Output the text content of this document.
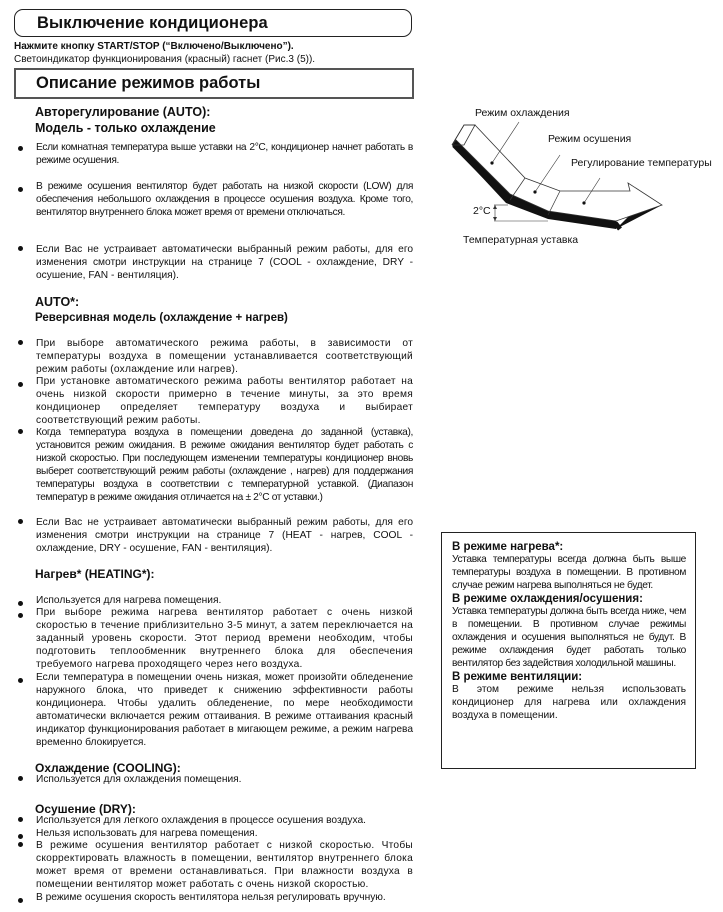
Выключение кондиционера
Нажмите кнопку START/STOP (“Включено/Выключено”).
Светоиндикатор функционирования (красный) гаснет (Рис.3 (5)).
Описание режимов работы
Авторегулирование (AUTO):
Модель - только охлаждение
Если комнатная температура выше уставки на 2°C, кондиционер начнет работать в режиме осушения.
В режиме осушения вентилятор будет работать на низкой скорости (LOW) для обеспечения небольшого охлаждения в процессе осушения воздуха. Кроме того, вентилятор внутреннего блока может время от времени отключаться.
Если Вас не устраивает автоматически выбранный режим работы, для его изменения смотри инструкции на странице 7 (COOL - охлаждение, DRY - осушение, FAN - вентиляция).
AUTO*:
Реверсивная модель (охлаждение + нагрев)
При выборе автоматического режима работы, в зависимости от температуры воздуха в помещении устанавливается соответствующий режим работы (охлаждение или нагрев).
При установке автоматического режима работы вентилятор работает на очень низкой скорости примерно в течение минуты, за это время кондиционер определяет температуру воздуха и выбирает соответствующий режим работы.
Когда температура воздуха в помещении доведена до заданной (уставка), установится режим ожидания. В режиме ожидания вентилятор будет работать с низкой скоростью. При последующем изменении температуры кондиционер вновь выберет соответствующий режим работы (охлаждение , нагрев) для поддержания температуры воздуха в соответствии с температурной уставкой. (Диапазон температур в режиме ожидания отличается на ± 2°C от уставки.)
Если Вас не устраивает автоматически выбранный режим работы, для его изменения смотри инструкции на странице 7 (HEAT - нагрев, COOL - охлаждение, DRY - осушение, FAN - вентиляция).
Нагрев* (HEATING*):
Используется для нагрева помещения.
При выборе режима нагрева вентилятор работает с очень низкой скоростью в течение приблизительно 3-5 минут, а затем переключается на заданный уровень скорости. Этот период времени необходим, чтобы подготовить теплообменник внутреннего блока для обеспечения требуемого нагрева проходящего через него воздуха.
Если температура в помещении очень низкая, может произойти обледенение наружного блока, что приведет к снижению эффективности работы кондиционера. Чтобы удалить обледенение, по мере необходимости автоматически включается режим оттаивания. В режиме оттаивания красный индикатор функционирования работает в мигающем режиме, а режим нагрева временно блокируется.
Охлаждение (COOLING):
Используется для охлаждения помещения.
Осушение (DRY):
Используется для легкого охлаждения в процессе осушения воздуха.
Нельзя использовать для нагрева помещения.
В режиме осушения вентилятор работает с низкой скоростью. Чтобы скорректировать влажность в помещении, вентилятор внутреннего блока может время от времени останавливаться. При влажности воздуха в помещении вентилятор может работать с очень низкой скоростью.
В режиме осушения скорость вентилятора нельзя регулировать вручную.
Режим охлаждения
Режим осушения
Регулирование температуры
2°C
Температурная уставка
В режиме нагрева*:
Уставка температуры всегда должна быть выше температуры воздуха в помещении. В противном случае режим нагрева выполняться не будет.
В режиме охлаждения/осушения:
Уставка температуры должна быть всегда ниже, чем в помещении. В противном случае режимы охлаждения и осушения выполняться не будут. В режиме охлаждения будет работать только вентилятор без задействия холодильной машины.
В режиме вентиляции:
В этом режиме нельзя использовать кондиционер для нагрева или охлаждения воздуха в помещении.
